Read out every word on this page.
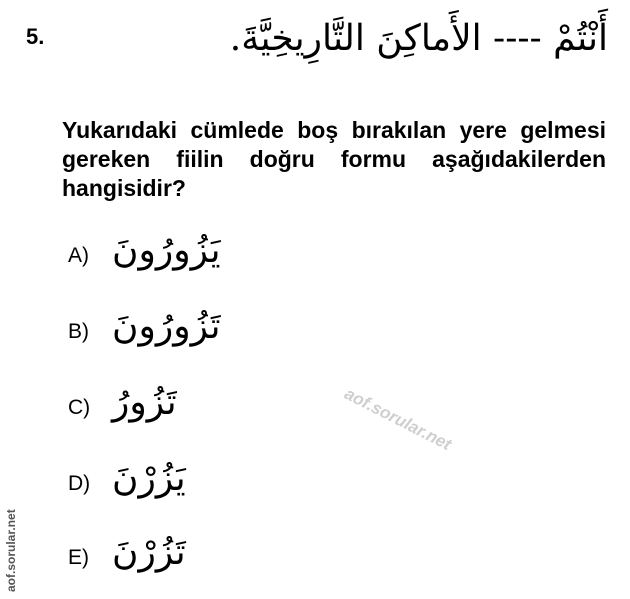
5.	أَنْتُمْ ---- الأَماكِنَ التَّارِيخِيَّةَ.
Yukarıdaki cümlede boş bırakılan yere gelmesi gereken fiilin doğru formu aşağıdakilerden hangisidir?
A) يَزُورُونَ
B) تَزُورُونَ
C) تَزُورُ
D) يَزُرْنَ
E) تَزُرْنَ
aof.sorular.net
aof.sorular.net
